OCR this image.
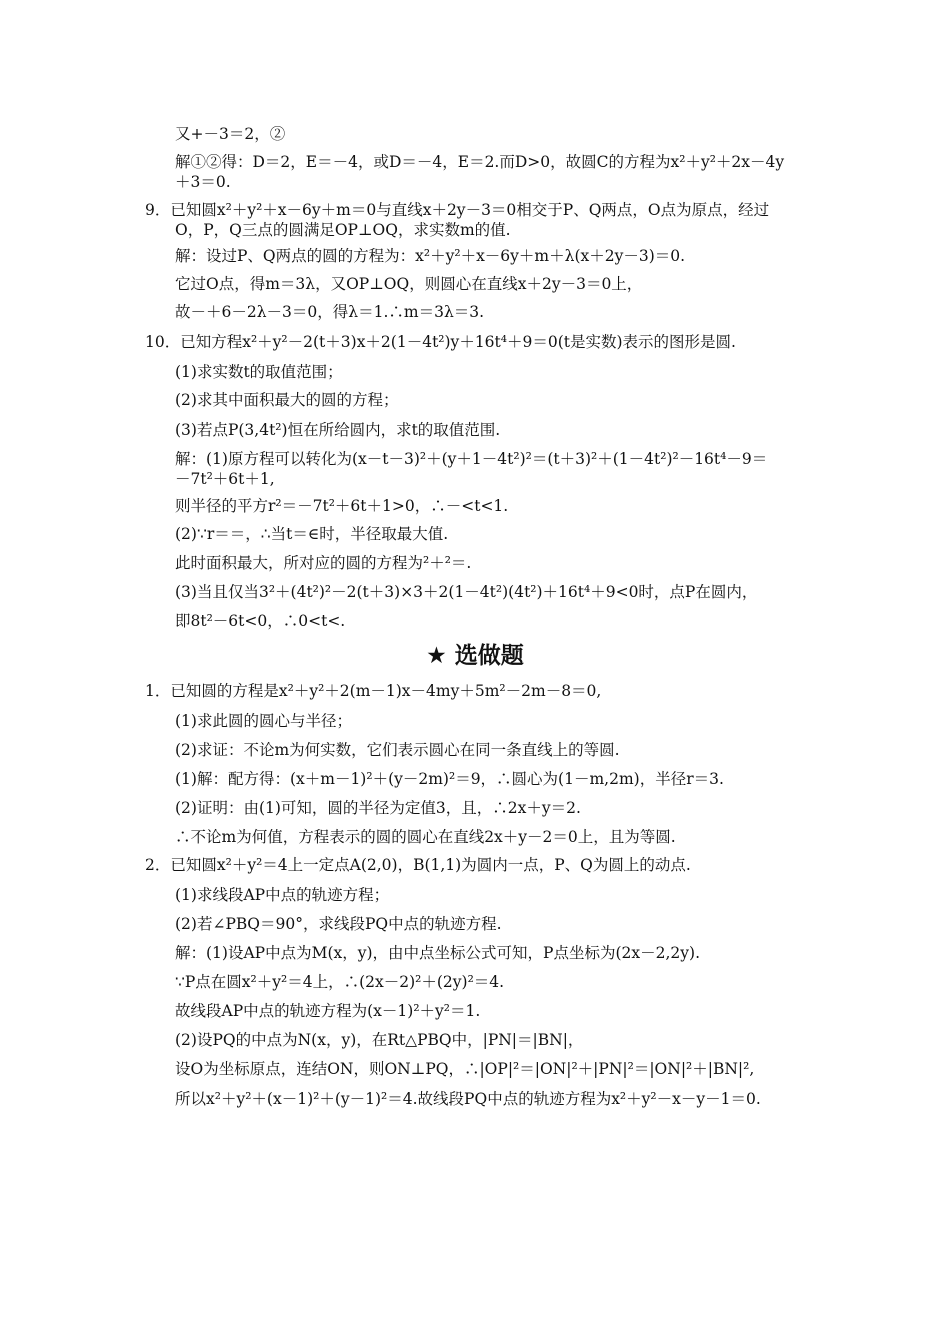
又+－3＝2，②
解①②得：D＝2，E＝－4，或D＝－4，E＝2.而D>0，故圆C的方程为x²＋y²＋2x－4y
＋3＝0.
9．已知圆x²＋y²＋x－6y＋m＝0与直线x＋2y－3＝0相交于P、Q两点，O点为原点，经过
O，P，Q三点的圆满足OP⊥OQ，求实数m的值.
解：设过P、Q两点的圆的方程为：x²＋y²＋x－6y＋m＋λ(x＋2y－3)＝0.
它过O点，得m＝3λ，又OP⊥OQ，则圆心在直线x＋2y－3＝0上，
故－＋6－2λ－3＝0，得λ＝1.∴m＝3λ＝3.
10．已知方程x²＋y²－2(t＋3)x＋2(1－4t²)y＋16t⁴＋9＝0(t是实数)表示的图形是圆.
(1)求实数t的取值范围；
(2)求其中面积最大的圆的方程；
(3)若点P(3,4t²)恒在所给圆内，求t的取值范围.
解：(1)原方程可以转化为(x－t－3)²＋(y＋1－4t²)²＝(t＋3)²＋(1－4t²)²－16t⁴－9＝
－7t²＋6t＋1,
则半径的平方r²＝－7t²＋6t＋1>0，∴－<t<1.
(2)∵r＝＝，∴当t＝∈时，半径取最大值.
此时面积最大，所对应的圆的方程为²＋²＝.
(3)当且仅当3²＋(4t²)²－2(t＋3)×3＋2(1－4t²)(4t²)＋16t⁴＋9<0时，点P在圆内，
即8t²－6t<0，∴0<t<.
★ 选做题
1．已知圆的方程是x²＋y²＋2(m－1)x－4my＋5m²－2m－8＝0,
(1)求此圆的圆心与半径；
(2)求证：不论m为何实数，它们表示圆心在同一条直线上的等圆.
(1)解：配方得：(x＋m－1)²＋(y－2m)²＝9，∴圆心为(1－m,2m)，半径r＝3.
(2)证明：由(1)可知，圆的半径为定值3，且，∴2x＋y＝2.
∴不论m为何值，方程表示的圆的圆心在直线2x＋y－2＝0上，且为等圆.
2．已知圆x²＋y²＝4上一定点A(2,0)，B(1,1)为圆内一点，P、Q为圆上的动点.
(1)求线段AP中点的轨迹方程；
(2)若∠PBQ＝90°，求线段PQ中点的轨迹方程.
解：(1)设AP中点为M(x，y)，由中点坐标公式可知，P点坐标为(2x－2,2y).
∵P点在圆x²＋y²＝4上，∴(2x－2)²＋(2y)²＝4.
故线段AP中点的轨迹方程为(x－1)²＋y²＝1.
(2)设PQ的中点为N(x，y)，在Rt△PBQ中，|PN|＝|BN|，
设O为坐标原点，连结ON，则ON⊥PQ，∴|OP|²＝|ON|²＋|PN|²＝|ON|²＋|BN|²,
所以x²＋y²＋(x－1)²＋(y－1)²＝4.故线段PQ中点的轨迹方程为x²＋y²－x－y－1＝0.
